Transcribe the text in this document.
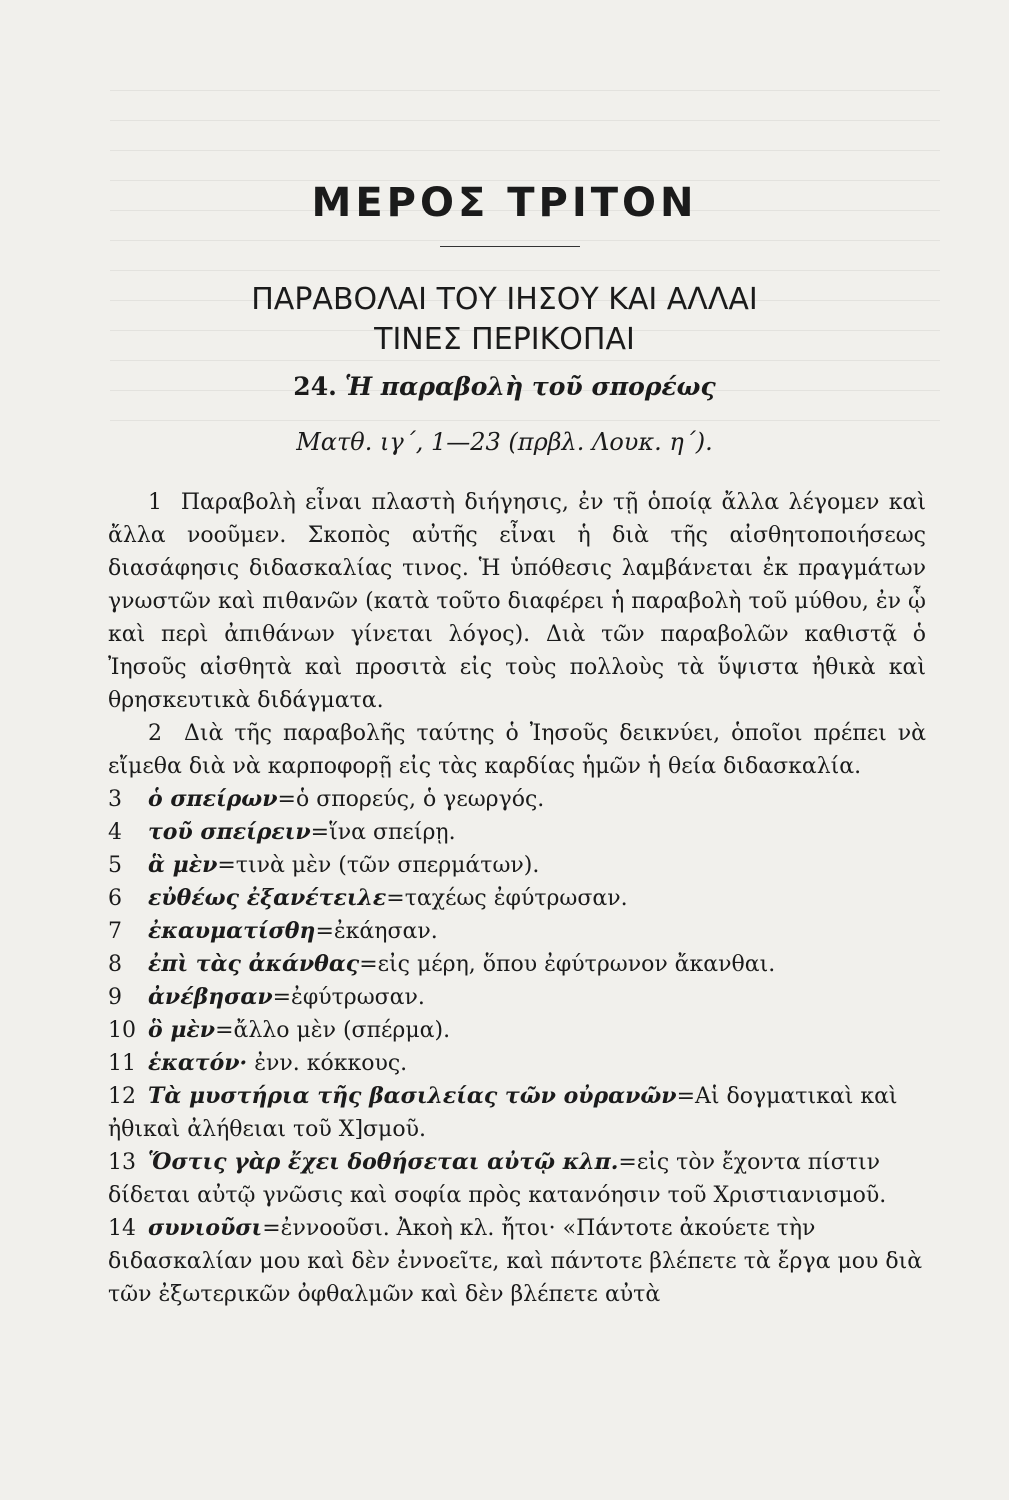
ΜΕΡΟΣ ΤΡΙΤΟΝ
ΠΑΡΑΒΟΛΑΙ ΤΟΥ ΙΗΣΟΥ ΚΑΙ ΑΛΛΑΙ
ΤΙΝΕΣ ΠΕΡΙΚΟΠΑΙ
24. Ἡ παραβολὴ τοῦ σπορέως
Ματθ. ιγ΄, 1—23 (πρβλ. Λουκ. η΄).

1 Παραβολὴ εἶναι πλαστὴ διήγησις, ἐν τῇ ὁποίᾳ ἄλλα λέγομεν καὶ ἄλλα νοοῦμεν. Σκοπὸς αὐτῆς εἶναι ἡ διὰ τῆς αἰσθητοποιήσεως διασάφησις διδασκαλίας τινος. Ἡ ὑπόθεσις λαμβάνεται ἐκ πραγμάτων γνωστῶν καὶ πιθανῶν (κατὰ τοῦτο διαφέρει ἡ παραβολὴ τοῦ μύθου, ἐν ᾧ καὶ περὶ ἀπιθάνων γίνεται λόγος). Διὰ τῶν παραβολῶν καθιστᾷ ὁ Ἰησοῦς αἰσθητὰ καὶ προσιτὰ εἰς τοὺς πολλοὺς τὰ ὕψιστα ἠθικὰ καὶ θρησκευτικὰ διδάγματα.

2 Διὰ τῆς παραβολῆς ταύτης ὁ Ἰησοῦς δεικνύει, ὁποῖοι πρέπει νὰ εἴμεθα διὰ νὰ καρποφορῇ εἰς τὰς καρδίας ἡμῶν ἡ θεία διδασκαλία.

3 ὁ σπείρων=ὁ σπορεύς, ὁ γεωργός.

4 τοῦ σπείρειν=ἵνα σπείρῃ.

5 ἃ μὲν=τινὰ μὲν (τῶν σπερμάτων).

6 εὐθέως ἐξανέτειλε=ταχέως ἐφύτρωσαν.

7 ἐκαυματίσθη=ἐκάησαν.

8 ἐπὶ τὰς ἀκάνθας=εἰς μέρη, ὅπου ἐφύτρωνον ἄκανθαι.

9 ἀνέβησαν=ἐφύτρωσαν.

10 ὃ μὲν=ἄλλο μὲν (σπέρμα).

11 ἑκατόν· ἐνν. κόκκους.

12 Τὰ μυστήρια τῆς βασιλείας τῶν οὐρανῶν=Αἱ δογματικαὶ καὶ ἠθικαὶ ἀλήθειαι τοῦ Χ]σμοῦ.

13 Ὅστις γὰρ ἔχει δοθήσεται αὐτῷ κλπ.=εἰς τὸν ἔχοντα πίστιν δίδεται αὐτῷ γνῶσις καὶ σοφία πρὸς κατανόησιν τοῦ Χριστιανισμοῦ.

14 συνιοῦσι=ἐννοοῦσι. Ἀκοὴ κλ. ἤτοι· «Πάντοτε ἀκούετε τὴν διδασκαλίαν μου καὶ δὲν ἐννοεῖτε, καὶ πάντοτε βλέπετε τὰ ἔργα μου διὰ τῶν ἐξωτερικῶν ὀφθαλμῶν καὶ δὲν βλέπετε αὐτὰ
